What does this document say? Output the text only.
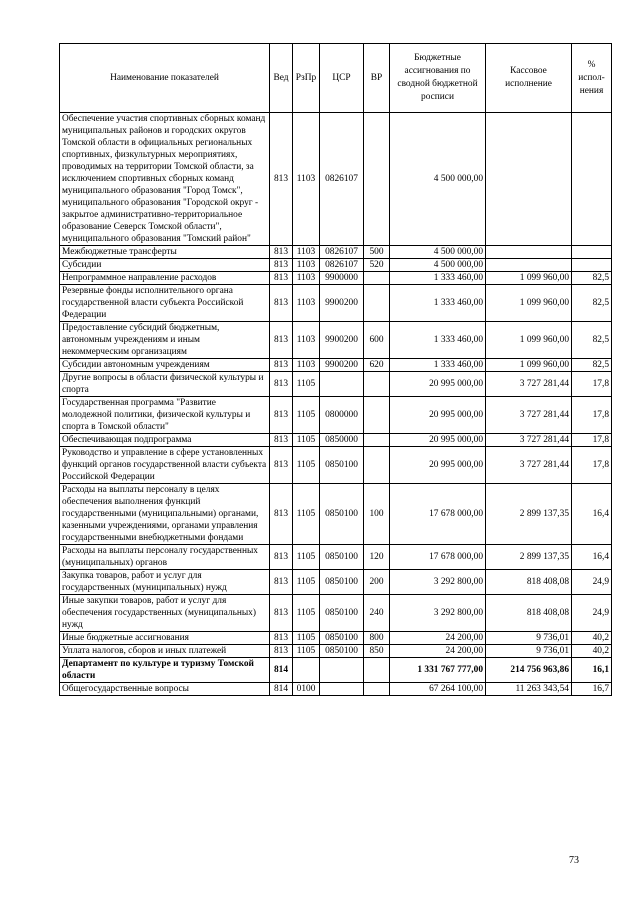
Наименование показателей	Вед	РзПр	ЦСР	ВР	Бюджетные ассигнования по сводной бюджетной росписи	Кассовое исполнение	% испол-нения
Обеспечение участия спортивных сборных команд муниципальных районов и городских округов Томской области в официальных региональных спортивных, физкультурных мероприятиях, проводимых на территории Томской области, за исключением спортивных сборных команд муниципального образования "Город Томск", муниципального образования "Городской округ - закрытое административно-территориальное образование Северск Томской области", муниципального образования "Томский район"	813	1103	0826107		4 500 000,00		
Межбюджетные трансферты	813	1103	0826107	500	4 500 000,00		
Субсидии	813	1103	0826107	520	4 500 000,00		
Непрограммное направление расходов	813	1103	9900000		1 333 460,00	1 099 960,00	82,5
Резервные фонды исполнительного органа государственной власти субъекта Российской Федерации	813	1103	9900200		1 333 460,00	1 099 960,00	82,5
Предоставление субсидий бюджетным, автономным учреждениям и иным некоммерческим организациям	813	1103	9900200	600	1 333 460,00	1 099 960,00	82,5
Субсидии автономным учреждениям	813	1103	9900200	620	1 333 460,00	1 099 960,00	82,5
Другие вопросы в области физической культуры и спорта	813	1105			20 995 000,00	3 727 281,44	17,8
Государственная программа "Развитие молодежной политики, физической культуры и спорта в Томской области"	813	1105	0800000		20 995 000,00	3 727 281,44	17,8
Обеспечивающая подпрограмма	813	1105	0850000		20 995 000,00	3 727 281,44	17,8
Руководство и управление в сфере установленных функций органов государственной власти субъекта Российской Федерации	813	1105	0850100		20 995 000,00	3 727 281,44	17,8
Расходы на выплаты персоналу в целях обеспечения выполнения функций государственными (муниципальными) органами, казенными учреждениями, органами управления государственными внебюджетными фондами	813	1105	0850100	100	17 678 000,00	2 899 137,35	16,4
Расходы на выплаты персоналу государственных (муниципальных) органов	813	1105	0850100	120	17 678 000,00	2 899 137,35	16,4
Закупка товаров, работ и услуг для государственных (муниципальных) нужд	813	1105	0850100	200	3 292 800,00	818 408,08	24,9
Иные закупки товаров, работ и услуг для обеспечения государственных (муниципальных) нужд	813	1105	0850100	240	3 292 800,00	818 408,08	24,9
Иные бюджетные ассигнования	813	1105	0850100	800	24 200,00	9 736,01	40,2
Уплата налогов, сборов и иных платежей	813	1105	0850100	850	24 200,00	9 736,01	40,2
Департамент по культуре и туризму Томской области	814				1 331 767 777,00	214 756 963,86	16,1
Общегосударственные вопросы	814	0100			67 264 100,00	11 263 343,54	16,7
73
